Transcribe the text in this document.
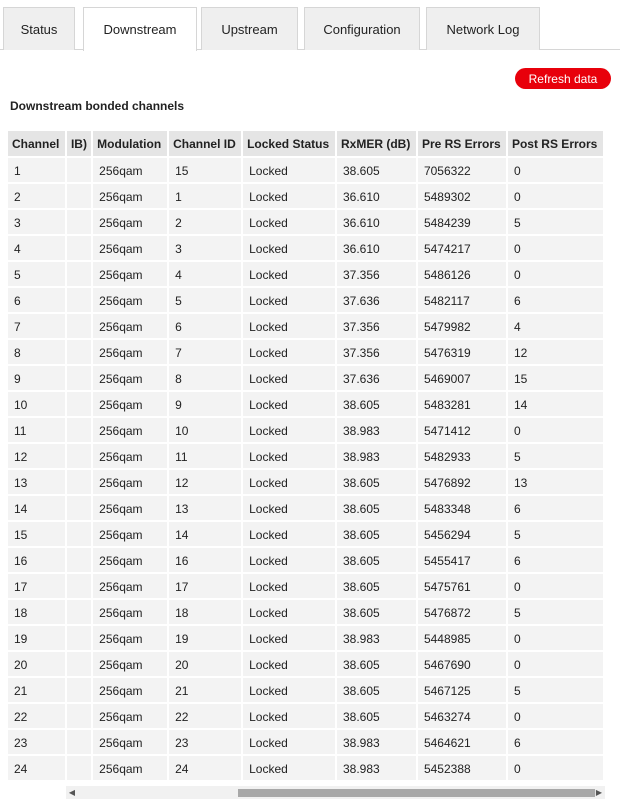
Status	Downstream	Upstream	Configuration	Network Log
Refresh data
Downstream bonded channels
Channel	IB)	Modulation	Channel ID	Locked Status	RxMER (dB)	Pre RS Errors	Post RS Errors
1		256qam	15	Locked	38.605	7056322	0
2		256qam	1	Locked	36.610	5489302	0
3		256qam	2	Locked	36.610	5484239	5
4		256qam	3	Locked	36.610	5474217	0
5		256qam	4	Locked	37.356	5486126	0
6		256qam	5	Locked	37.636	5482117	6
7		256qam	6	Locked	37.356	5479982	4
8		256qam	7	Locked	37.356	5476319	12
9		256qam	8	Locked	37.636	5469007	15
10		256qam	9	Locked	38.605	5483281	14
11		256qam	10	Locked	38.983	5471412	0
12		256qam	11	Locked	38.983	5482933	5
13		256qam	12	Locked	38.605	5476892	13
14		256qam	13	Locked	38.605	5483348	6
15		256qam	14	Locked	38.605	5456294	5
16		256qam	16	Locked	38.605	5455417	6
17		256qam	17	Locked	38.605	5475761	0
18		256qam	18	Locked	38.605	5476872	5
19		256qam	19	Locked	38.983	5448985	0
20		256qam	20	Locked	38.605	5467690	0
21		256qam	21	Locked	38.605	5467125	5
22		256qam	22	Locked	38.605	5463274	0
23		256qam	23	Locked	38.983	5464621	6
24		256qam	24	Locked	38.983	5452388	0
◀	▶
